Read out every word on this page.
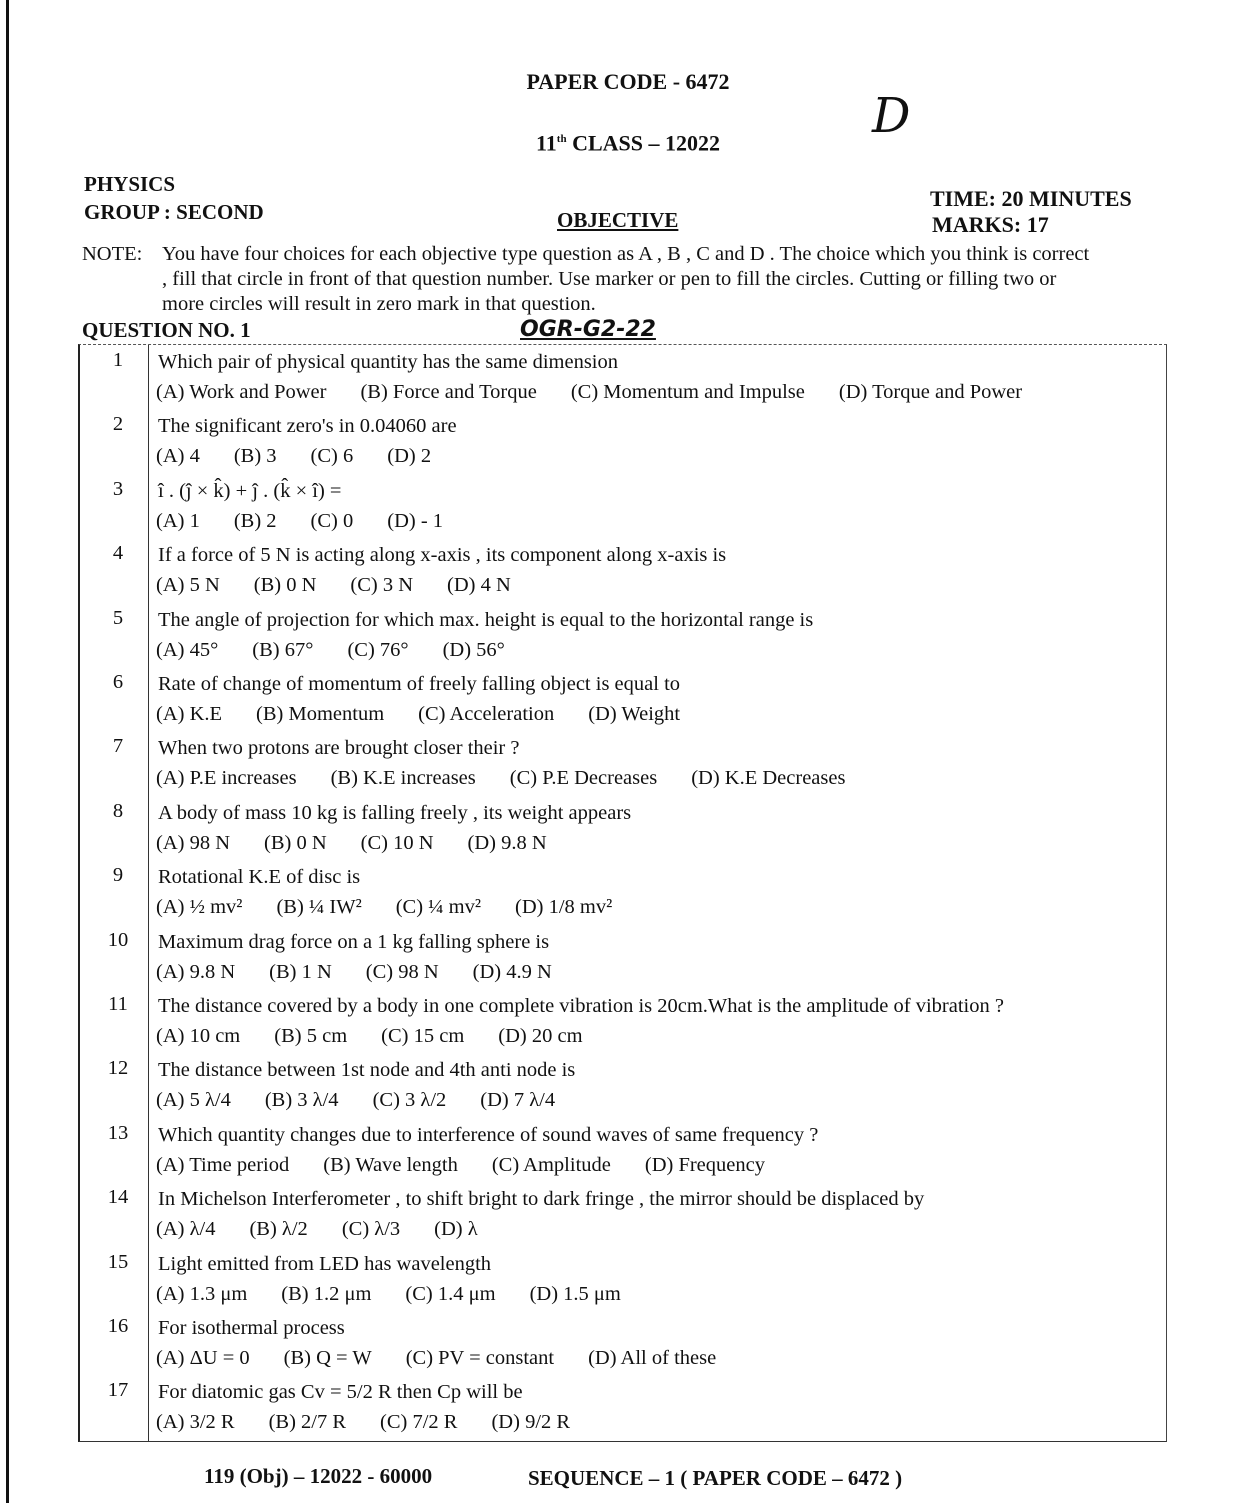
PAPER CODE - 6472
11th CLASS – 12022	D
PHYSICS
GROUP : SECOND	OBJECTIVE
TIME: 20 MINUTES
MARKS: 17
NOTE: You have four choices for each objective type question as A , B , C and D . The choice which you think is correct , fill that circle in front of that question number. Use marker or pen to fill the circles. Cutting or filling two or more circles will result in zero mark in that question.
QUESTION NO. 1	OGR-G2-22
1	Which pair of physical quantity has the same dimension
(A) Work and Power (B) Force and Torque (C) Momentum and Impulse (D) Torque and Power
2	The significant zero's in 0.04060 are
(A) 4 (B) 3 (C) 6 (D) 2
3	î . (ĵ × k̂) + ĵ . (k̂ × î) =
(A) 1 (B) 2 (C) 0 (D) - 1
4	If a force of 5 N is acting along x-axis , its component along x-axis is
(A) 5 N (B) 0 N (C) 3 N (D) 4 N
5	The angle of projection for which max. height is equal to the horizontal range is
(A) 45° (B) 67° (C) 76° (D) 56°
6	Rate of change of momentum of freely falling object is equal to
(A) K.E (B) Momentum (C) Acceleration (D) Weight
7	When two protons are brought closer their ?
(A) P.E increases (B) K.E increases (C) P.E Decreases (D) K.E Decreases
8	A body of mass 10 kg is falling freely , its weight appears
(A) 98 N (B) 0 N (C) 10 N (D) 9.8 N
9	Rotational K.E of disc is
(A) ½ mv² (B) ¼ IW² (C) ¼ mv² (D) 1/8 mv²
10	Maximum drag force on a 1 kg falling sphere is
(A) 9.8 N (B) 1 N (C) 98 N (D) 4.9 N
11	The distance covered by a body in one complete vibration is 20cm.What is the amplitude of vibration ?
(A) 10 cm (B) 5 cm (C) 15 cm (D) 20 cm
12	The distance between 1st node and 4th anti node is
(A) 5 λ/4 (B) 3 λ/4 (C) 3 λ/2 (D) 7 λ/4
13	Which quantity changes due to interference of sound waves of same frequency ?
(A) Time period (B) Wave length (C) Amplitude (D) Frequency
14	In Michelson Interferometer , to shift bright to dark fringe , the mirror should be displaced by
(A) λ/4 (B) λ/2 (C) λ/3 (D) λ
15	Light emitted from LED has wavelength
(A) 1.3 μm (B) 1.2 μm (C) 1.4 μm (D) 1.5 μm
16	For isothermal process
(A) ΔU = 0 (B) Q = W (C) PV = constant (D) All of these
17	For diatomic gas Cv = 5/2 R then Cp will be
(A) 3/2 R (B) 2/7 R (C) 7/2 R (D) 9/2 R
119 (Obj) – 12022 - 60000	SEQUENCE – 1 ( PAPER CODE – 6472 )
